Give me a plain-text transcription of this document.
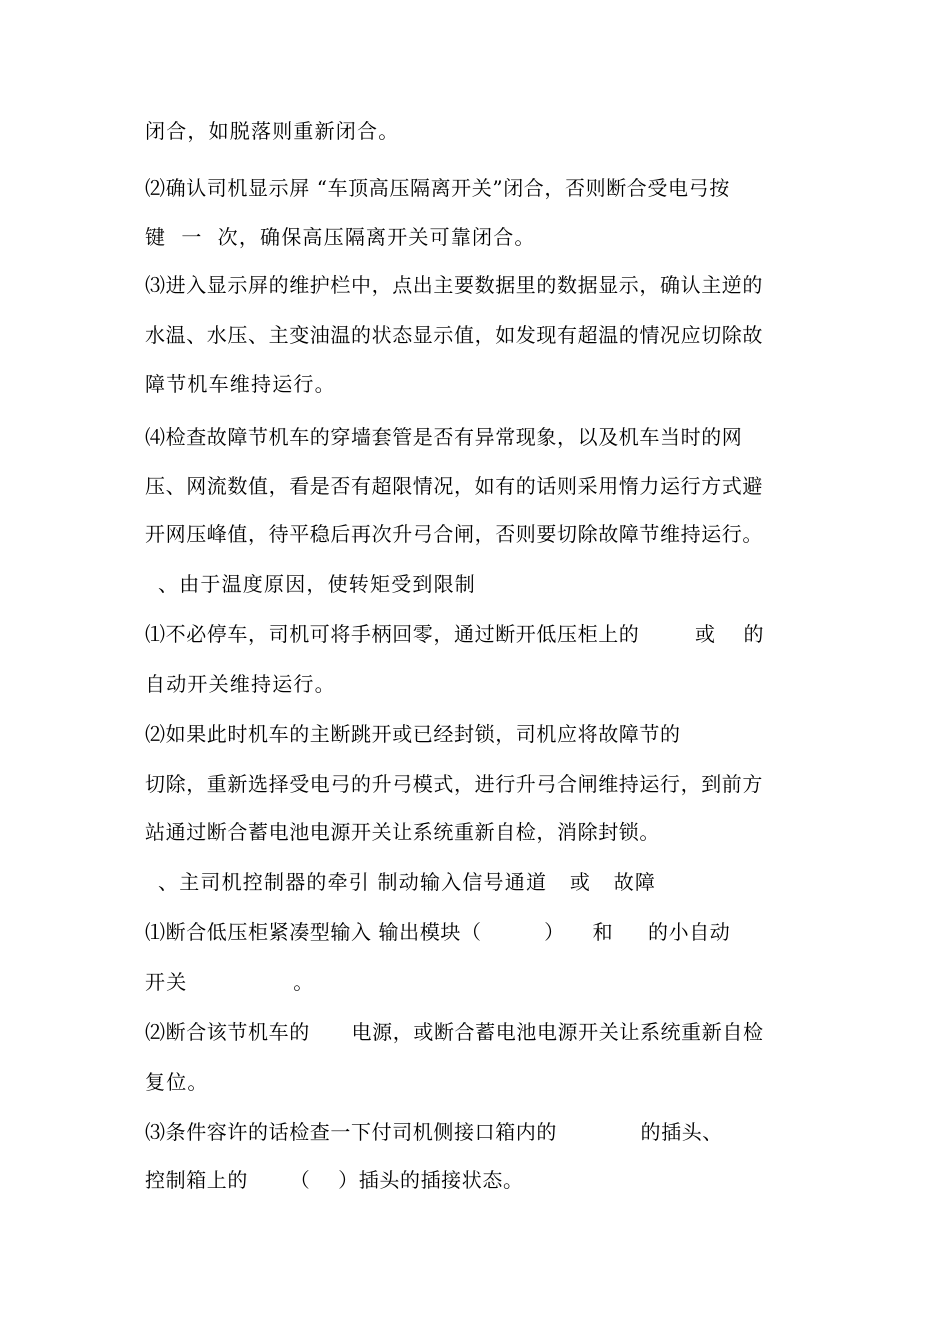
闭合，如脱落则重新闭合。
⑵确认司机显示屏 “车顶高压隔离开关”闭合，否则断合受电弓按
键  一  次，确保高压隔离开关可靠闭合。
⑶进入显示屏的维护栏中，点出主要数据里的数据显示，确认主逆的
水温、水压、主变油温的状态显示值，如发现有超温的情况应切除故
障节机车维持运行。
⑷检查故障节机车的穿墙套管是否有异常现象，以及机车当时的网
压、网流数值，看是否有超限情况，如有的话则采用惰力运行方式避
开网压峰值，待平稳后再次升弓合闸，否则要切除故障节维持运行。
、由于温度原因，使转矩受到限制
⑴不必停车，司机可将手柄回零，通过断开低压柜上的        或    的
自动开关维持运行。
⑵如果此时机车的主断跳开或已经封锁，司机应将故障节的
切除，重新选择受电弓的升弓模式，进行升弓合闸维持运行，到前方
站通过断合蓄电池电源开关让系统重新自检，消除封锁。
、主司机控制器的牵引 制动输入信号通道   或   故障
⑴断合低压柜紧凑型输入 输出模块（         ）    和     的小自动
开关              。
⑵断合该节机车的      电源，或断合蓄电池电源开关让系统重新自检
复位。
⑶条件容许的话检查一下付司机侧接口箱内的            的插头、
控制箱上的      （    ）插头的插接状态。
